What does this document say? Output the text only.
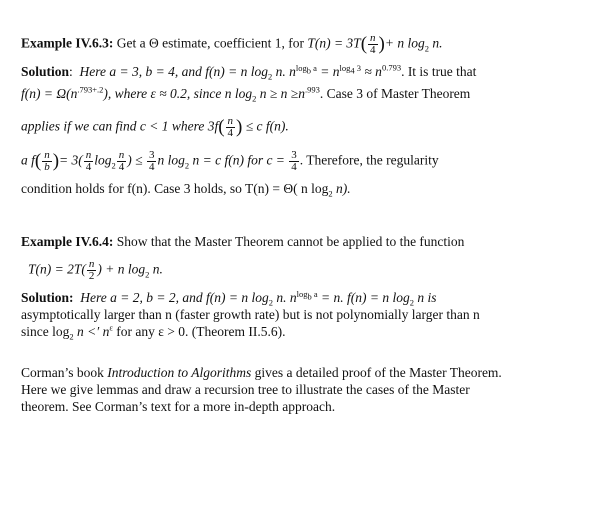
Example IV.6.3: Get a Θ estimate, coefficient 1, for $T(n) = 3T( \frac{n}{4}$ )+ n $\log_2 n$.
Solution:  Here a = 3, b = 4, and f(n) = n $\log_2 n$. $n^{log_b a} = n^{log_4 3} \approx n^{0.793}$. It is true that
$f(n) = \Omega(n^{.793+.2})$, where ε ≈ 0.2, since n $\log_2 n \ge n \ge n^{.993}$. Case 3 of Master Theorem
applies if we can find c < 1 where $3f( \frac{n}{4}$ ) ≤ c f(n).
a $f( \frac{n}{b}$ )= $3( \frac{n}{4} \log_2 \frac{n}{4}$ ) ≤ $\frac{3}{4}$ n $\log_2 n = c$ f(n) for $c = \frac{3}{4}$ . Therefore, the regularity
condition holds for f(n). Case 3 holds, so T(n) = Θ( n $\log_2 n$).
Example IV.6.4: Show that the Master Theorem cannot be applied to the function
$T(n) = 2T( \frac{n}{2}$ ) + n $\log_2 n$.
Solution: Here a = 2, b = 2, and f(n) = n $\log_2 n$. $n^{log_b a} = n$. f(n) = n $\log_2 n$ is
asymptotically larger than n (faster growth rate) but is not polynomially larger than n
since $\log_2 n$ <′ $n^\varepsilon$ for any ε > 0. (Theorem II.5.6).
Corman’s book Introduction to Algorithms gives a detailed proof of the Master Theorem.
Here we give lemmas and draw a recursion tree to illustrate the cases of the Master
theorem. See Corman’s text for a more in-depth approach.
